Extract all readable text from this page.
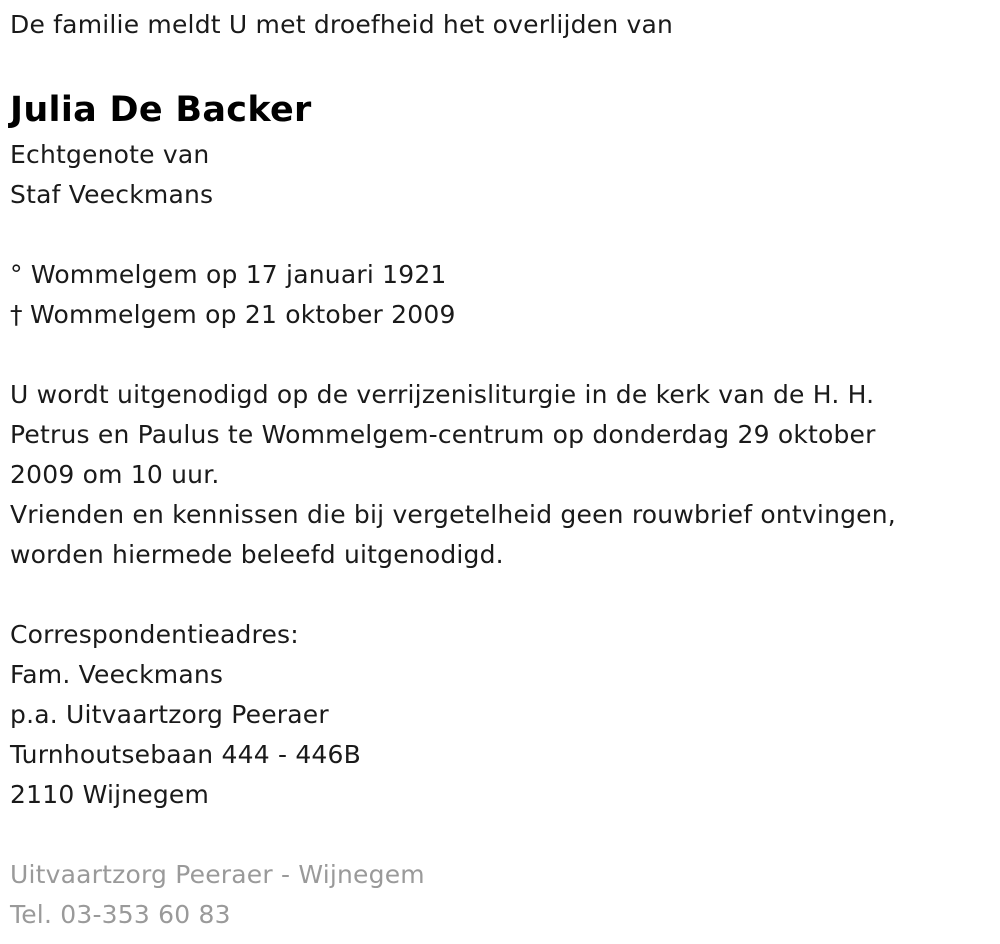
De familie meldt U met droefheid het overlijden van
Julia De Backer
Echtgenote van
Staf Veeckmans
° Wommelgem op 17 januari 1921
† Wommelgem op 21 oktober 2009
U wordt uitgenodigd op de verrijzenisliturgie in de kerk van de H. H.
Petrus en Paulus te Wommelgem-centrum op donderdag 29 oktober
2009 om 10 uur.
Vrienden en kennissen die bij vergetelheid geen rouwbrief ontvingen,
worden hiermede beleefd uitgenodigd.
Correspondentieadres:
Fam. Veeckmans
p.a. Uitvaartzorg Peeraer
Turnhoutsebaan 444 - 446B
2110 Wijnegem
Uitvaartzorg Peeraer - Wijnegem
Tel. 03-353 60 83
